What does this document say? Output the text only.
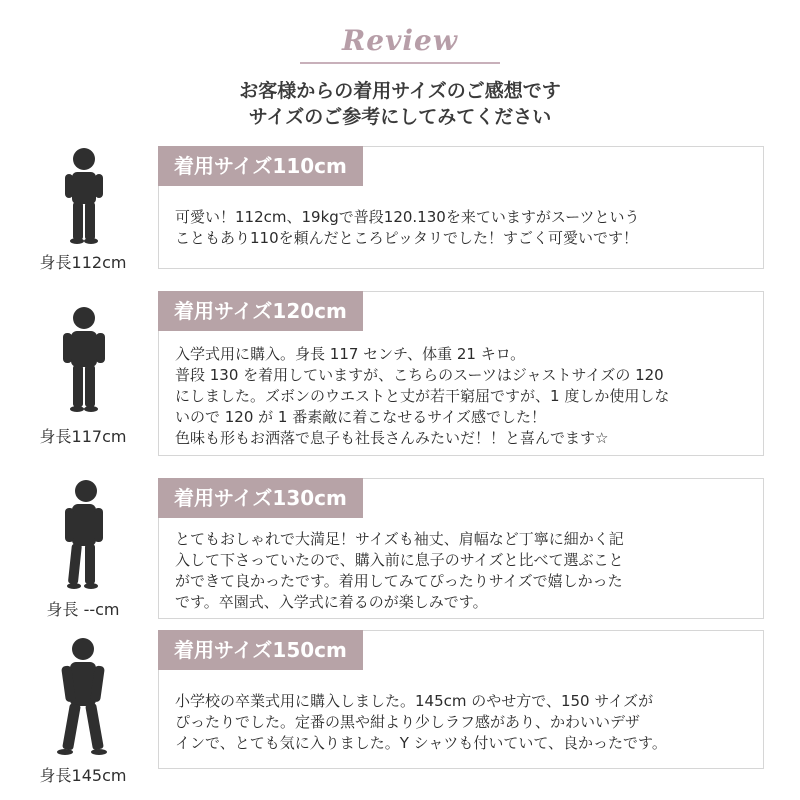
Review
お客様からの着用サイズのご感想です
サイズのご参考にしてみてください
身長112cm
着用サイズ110cm
可愛い！112cm、19kgで普段120.130を来ていますがスーツという
こともあり110を頼んだところピッタリでした！すごく可愛いです！
身長117cm
着用サイズ120cm
入学式用に購入。身長 117 センチ、体重 21 キロ。
普段 130 を着用していますが、こちらのスーツはジャストサイズの 120
にしました。ズボンのウエストと丈が若干窮屈ですが、1 度しか使用しな
いので 120 が 1 番素敵に着こなせるサイズ感でした！
色味も形もお洒落で息子も社長さんみたいだ！！と喜んでます☆
身長 --cm
着用サイズ130cm
とてもおしゃれで大満足！サイズも袖丈、肩幅など丁寧に細かく記
入して下さっていたので、購入前に息子のサイズと比べて選ぶこと
ができて良かったです。着用してみてぴったりサイズで嬉しかった
です。卒園式、入学式に着るのが楽しみです。
身長145cm
着用サイズ150cm
小学校の卒業式用に購入しました。145cm のやせ方で、150 サイズが
ぴったりでした。定番の黒や紺より少しラフ感があり、かわいいデザ
インで、とても気に入りました。Y シャツも付いていて、良かったです。
